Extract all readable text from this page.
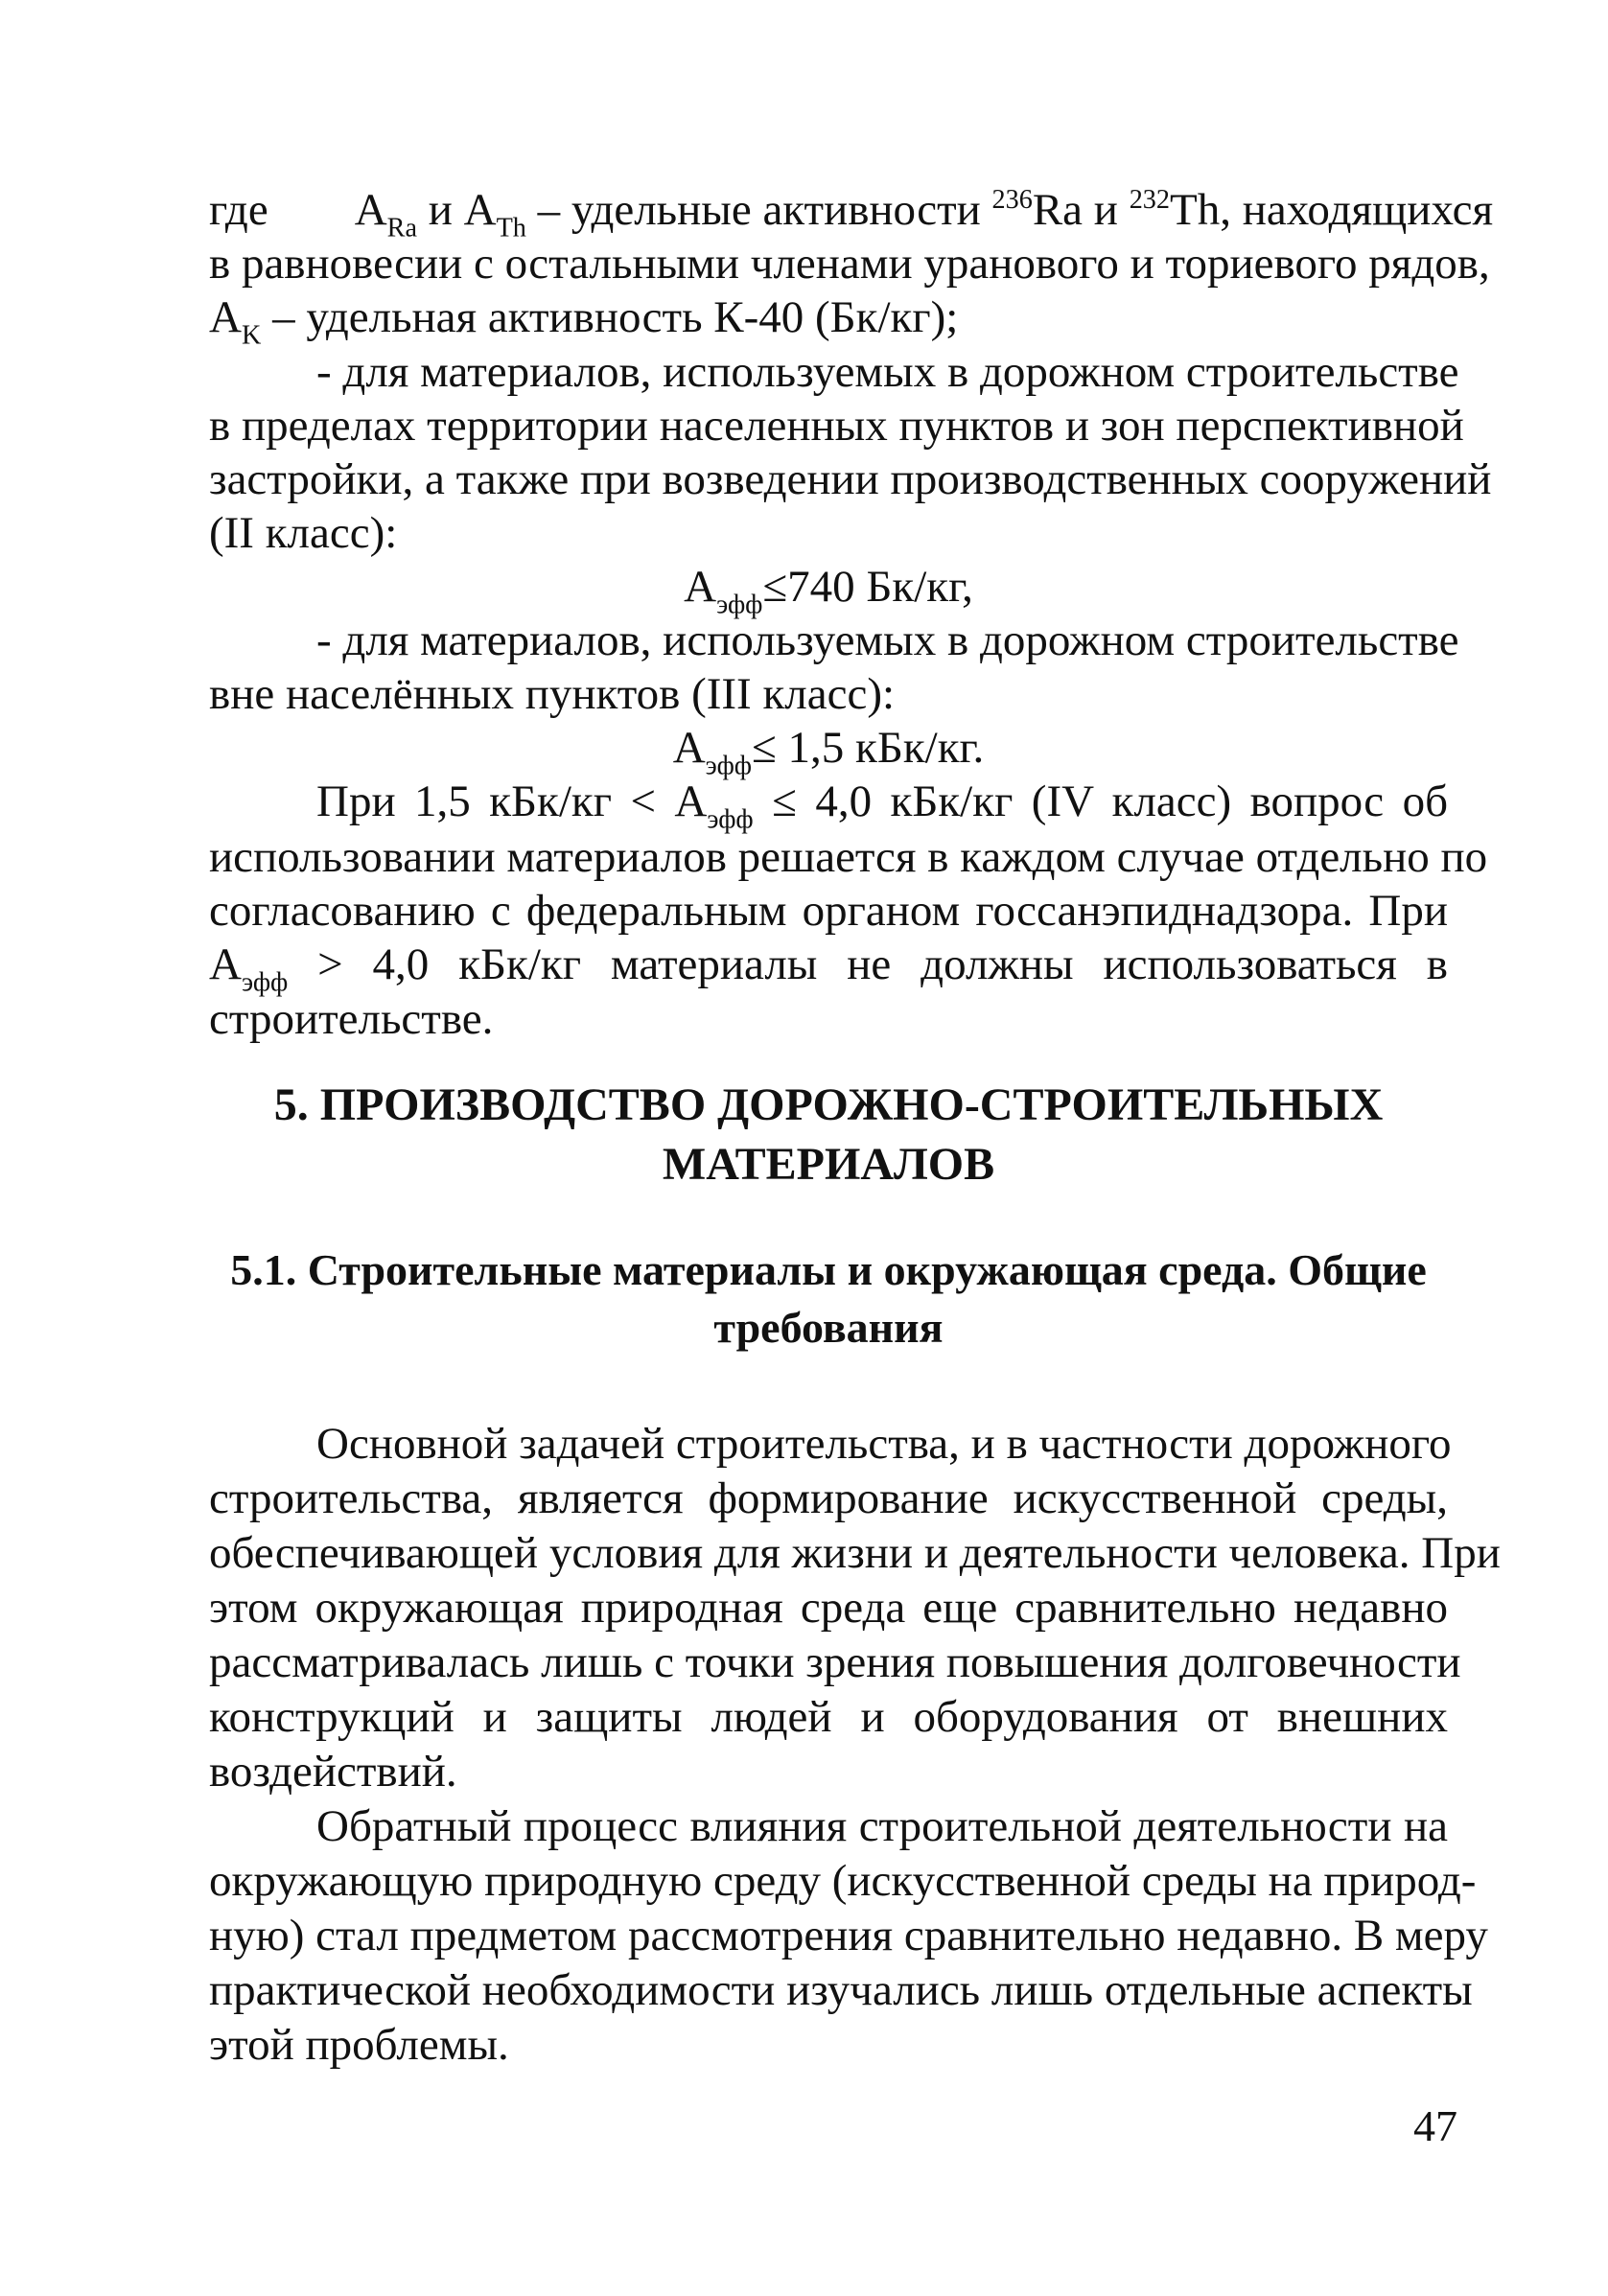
где $A_{Ra}$ и $A_{Th}$ – удельные активности $^{236}$Ra и $^{232}$Th, находящихся
в равновесии с остальными членами уранового и ториевого рядов,
$A_K$ – удельная активность К-40 (Бк/кг);
- для материалов, используемых в дорожном строительстве
в пределах территории населенных пунктов и зон перспективной
застройки, а также при возведении производственных сооружений
(II класс):
$A_{эфф}\le 740$ Бк/кг,
- для материалов, используемых в дорожном строительстве
вне населённых пунктов (III класс):
$A_{эфф}\le 1,5$ кБк/кг.
При 1,5 $кБк/кг < A_{эфф} \le 4,0$ кБк/кг (IV класс) вопрос об
использовании материалов решается в каждом случае отдельно по
согласованию с федеральным органом госсанэпиднадзора. При
$A_{эфф} > 4,0$ кБк/кг материалы не должны использоваться в
строительстве.
5. ПРОИЗВОДСТВО ДОРОЖНО-СТРОИТЕЛЬНЫХ
МАТЕРИАЛОВ
5.1. Строительные материалы и окружающая среда. Общие
требования
Основной задачей строительства, и в частности дорожного
строительства, является формирование искусственной среды,
обеспечивающей условия для жизни и деятельности человека. При
этом окружающая природная среда еще сравнительно недавно
рассматривалась лишь с точки зрения повышения долговечности
конструкций и защиты людей и оборудования от внешних
воздействий.
Обратный процесс влияния строительной деятельности на
окружающую природную среду (искусственной среды на природ-
ную) стал предметом рассмотрения сравнительно недавно. В меру
практической необходимости изучались лишь отдельные аспекты
этой проблемы.
47
